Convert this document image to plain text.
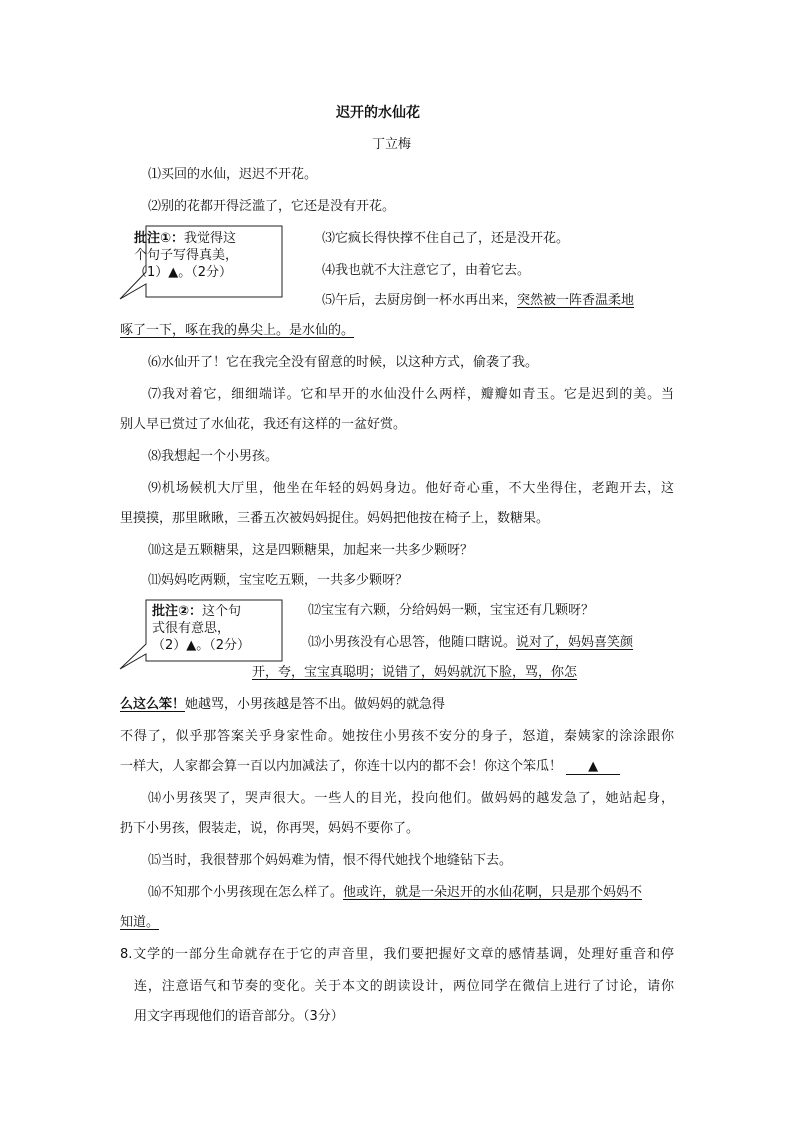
迟开的水仙花
丁立梅
⑴买回的水仙，迟迟不开花。
⑵别的花都开得泛滥了，它还是没有开花。
批注①：我觉得这
个句子写得真美，
（1）▲。（2分）
⑶它疯长得快撑不住自己了，还是没开花。
⑷我也就不大注意它了，由着它去。
⑸午后，去厨房倒一杯水再出来，突然被一阵香温柔地
啄了一下，啄在我的鼻尖上。是水仙的。
⑹水仙开了！它在我完全没有留意的时候，以这种方式，偷袭了我。
⑺我对着它，细细端详。它和早开的水仙没什么两样，瓣瓣如青玉。它是迟到的美。当
别人早已赏过了水仙花，我还有这样的一盆好赏。
⑻我想起一个小男孩。
⑼机场候机大厅里，他坐在年轻的妈妈身边。他好奇心重，不大坐得住，老跑开去，这
里摸摸，那里瞅瞅，三番五次被妈妈捉住。妈妈把他按在椅子上，数糖果。
⑽这是五颗糖果，这是四颗糖果，加起来一共多少颗呀？
⑾妈妈吃两颗，宝宝吃五颗，一共多少颗呀？
批注②：这个句
式很有意思，
（2）▲。（2分）
⑿宝宝有六颗，分给妈妈一颗，宝宝还有几颗呀？
⒀小男孩没有心思答，他随口瞎说。说对了，妈妈喜笑颜
开，夸，宝宝真聪明；说错了，妈妈就沉下脸，骂，你怎
么这么笨！她越骂，小男孩越是答不出。做妈妈的就急得
不得了，似乎那答案关乎身家性命。她按住小男孩不安分的身子，怒道，秦姨家的涂涂跟你
一样大，人家都会算一百以内加减法了，你连十以内的都不会！你这个笨瓜！ ▲
⒁小男孩哭了，哭声很大。一些人的目光，投向他们。做妈妈的越发急了，她站起身，
扔下小男孩，假装走，说，你再哭，妈妈不要你了。
⒂当时，我很替那个妈妈难为情，恨不得代她找个地缝钻下去。
⒃不知那个小男孩现在怎么样了。他或许，就是一朵迟开的水仙花啊，只是那个妈妈不
知道。
8.文学的一部分生命就存在于它的声音里，我们要把握好文章的感情基调，处理好重音和停
连，注意语气和节奏的变化。关于本文的朗读设计，两位同学在微信上进行了讨论，请你
用文字再现他们的语音部分。（3分）
